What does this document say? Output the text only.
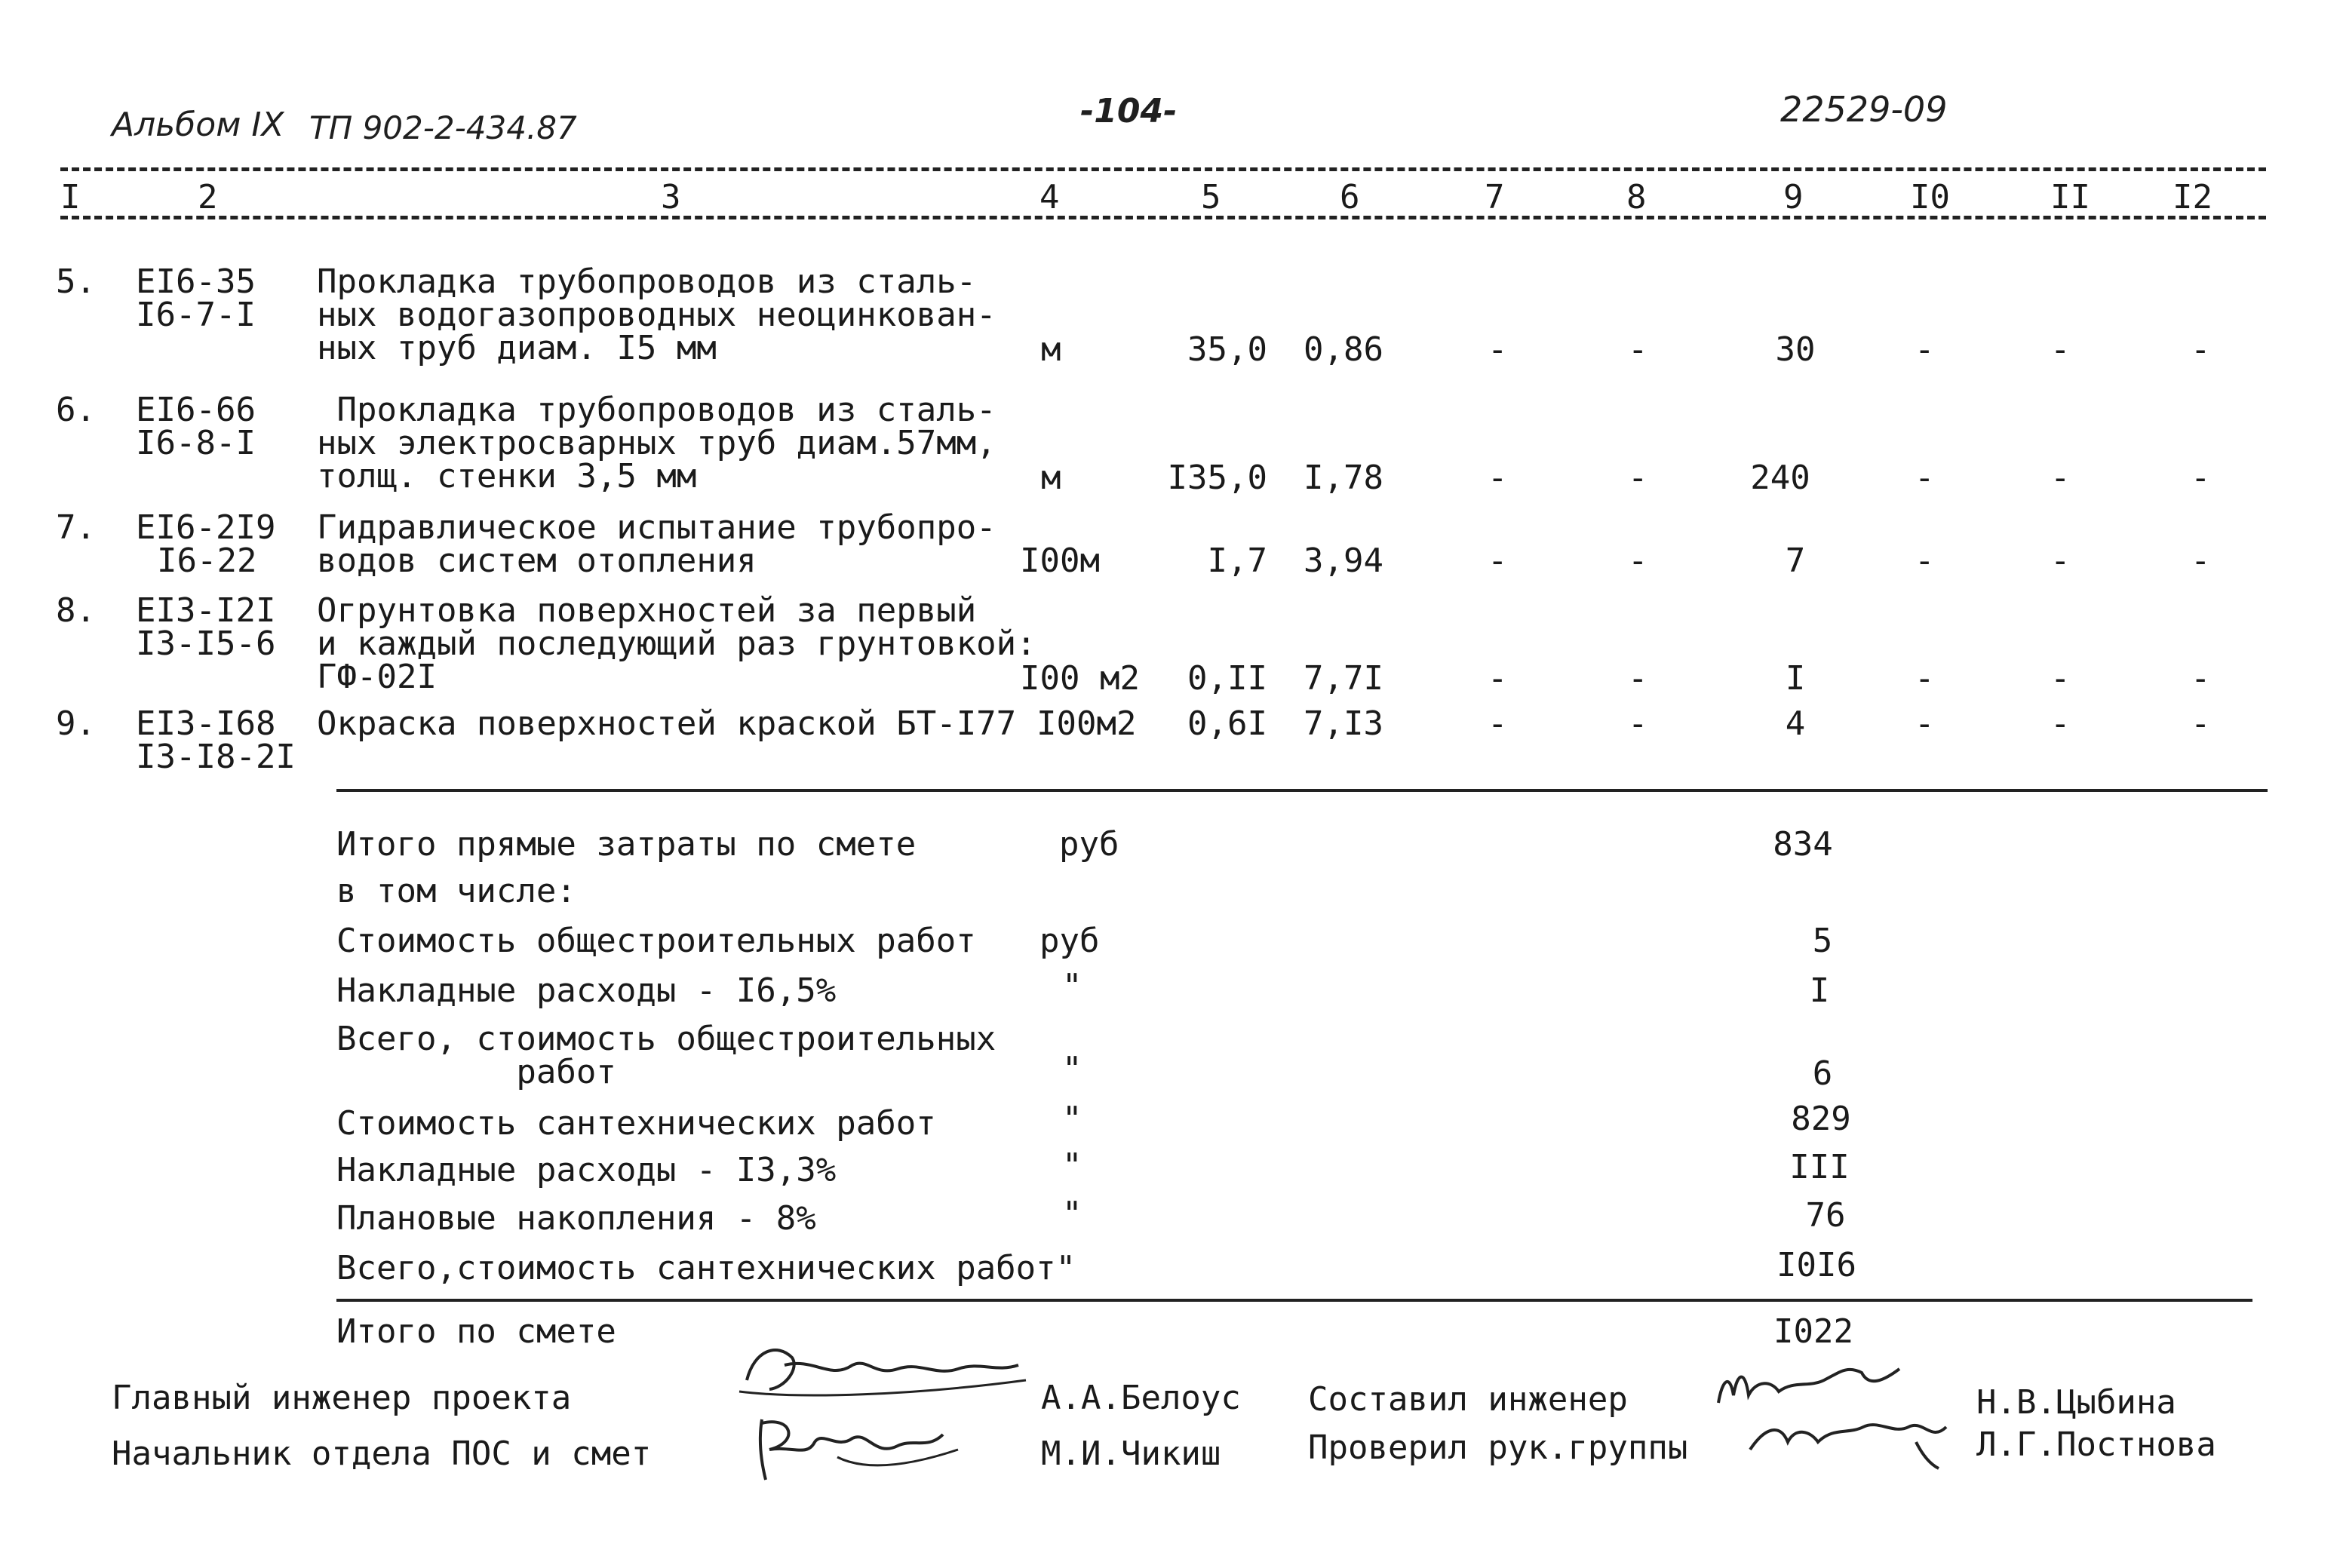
Альбом IX ТП 902-2-434.87	-104-	22529-09
I	2	3	4	5	6	7	8	9	I0	II I2
5. EI6-35
I6-7-I
Прокладка трубопроводов из сталь-
ных водогазопроводных неоцинкован-
ных труб диам. I5 мм	м	35,0 0,86	-	-	30	-	-	-
6. EI6-66
I6-8-I
Прокладка трубопроводов из сталь-
ных электросварных труб диам.57мм,
толщ. стенки 3,5 мм	м	I35,0 I,78	-	-	240	-	-	-
7. EI6-2I9
I6-22
Гидравлическое испытание трубопро-
водов систем отопления	I00м	I,7 3,94	-	-	7	-	-	-
8. EI3-I2I
I3-I5-6
Огрунтовка поверхностей за первый
и каждый последующий раз грунтовкой:
ГФ-02I	I00 м2	0,II 7,7I	-	-	I	-	-	-
9. EI3-I68
I3-I8-2I
Окраска поверхностей краской БТ-I77 I00м2	0,6I 7,I3	-	-	4	-	-	-
Итого прямые затраты по смете	руб	834
в том числе:
Стоимость общестроительных работ руб	5
Накладные расходы - I6,5%	"	I
Всего, стоимость общестроительных
работ	"	6
Стоимость сантехнических работ	"	829
Накладные расходы - I3,3%	"	III
Плановые накопления - 8%	"	76
Всего,стоимость сантехнических работ"	I0I6
Итого по смете	I022
Главный инженер проекта
Начальник отдела ПОС и смет
А.А.Белоус
М.И.Чикиш
Составил инженер
Проверил рук.группы
Н.В.Цыбина
Л.Г.Постнова
